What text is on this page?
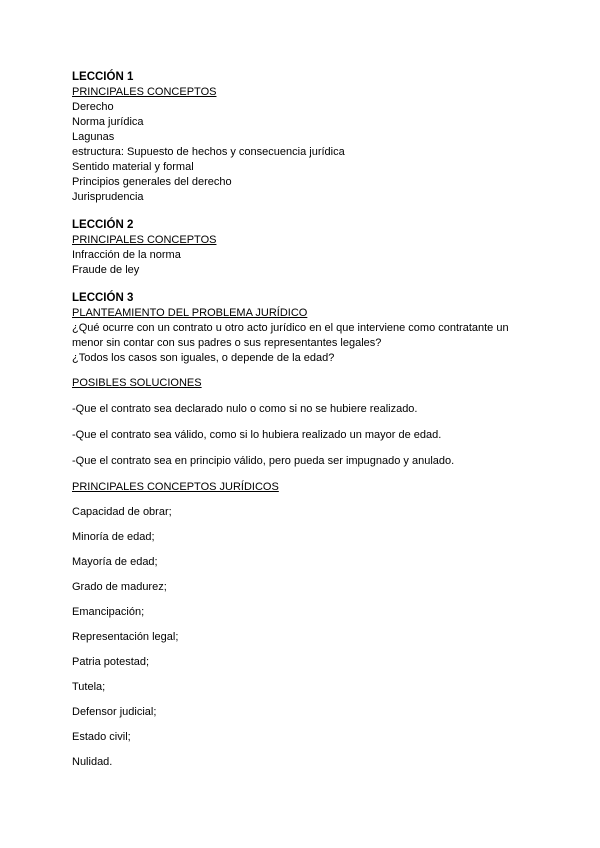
LECCIÓN 1
PRINCIPALES CONCEPTOS
Derecho
Norma jurídica
Lagunas
estructura: Supuesto de hechos y consecuencia jurídica
Sentido material y formal
Principios generales del derecho
Jurisprudencia
LECCIÓN 2
PRINCIPALES CONCEPTOS
Infracción de la norma
Fraude de ley
LECCIÓN 3
PLANTEAMIENTO DEL PROBLEMA JURÍDICO
¿Qué ocurre con un contrato u otro acto jurídico en el que interviene como contratante un menor sin contar con sus padres o sus representantes legales?
¿Todos los casos son iguales, o depende de la edad?
POSIBLES SOLUCIONES
-Que el contrato sea declarado nulo o como si no se hubiere realizado.
-Que el contrato sea válido, como si lo hubiera realizado un mayor de edad.
-Que el contrato sea en principio válido, pero pueda ser impugnado y anulado.
PRINCIPALES CONCEPTOS JURÍDICOS
Capacidad de obrar;
Minoría de edad;
Mayoría de edad;
Grado de madurez;
Emancipación;
Representación legal;
Patria potestad;
Tutela;
Defensor judicial;
Estado civil;
Nulidad.
